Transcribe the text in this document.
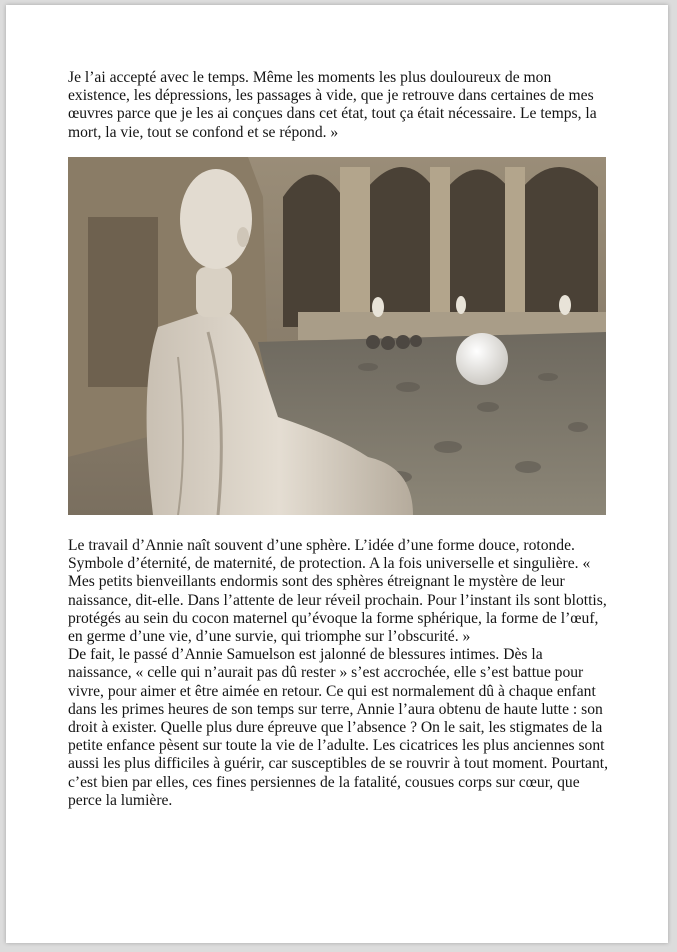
Je l’ai accepté avec le temps. Même les moments les plus douloureux de mon existence, les dépressions, les passages à vide, que je retrouve dans certaines de mes œuvres parce que je les ai conçues dans cet état, tout ça était nécessaire. Le temps, la mort, la vie, tout se confond et se répond. »

Le travail d’Annie naît souvent d’une sphère. L’idée d’une forme douce, rotonde. Symbole d’éternité, de maternité, de protection. A la fois universelle et singulière. « Mes petits bienveillants endormis sont des sphères étreignant le mystère de leur naissance, dit-elle. Dans l’attente de leur réveil prochain. Pour l’instant ils sont blottis, protégés au sein du cocon maternel qu’évoque la forme sphérique, la forme de l’œuf, en germe d’une vie, d’une survie, qui triomphe sur l’obscurité. »

De fait, le passé d’Annie Samuelson est jalonné de blessures intimes. Dès la naissance, « celle qui n’aurait pas dû rester » s’est accrochée, elle s’est battue pour vivre, pour aimer et être aimée en retour. Ce qui est normalement dû à chaque enfant dans les primes heures de son temps sur terre, Annie l’aura obtenu de haute lutte : son droit à exister. Quelle plus dure épreuve que l’absence ? On le sait, les stigmates de la petite enfance pèsent sur toute la vie de l’adulte. Les cicatrices les plus anciennes sont aussi les plus difficiles à guérir, car susceptibles de se rouvrir à tout moment. Pourtant, c’est bien par elles, ces fines persiennes de la fatalité, cousues corps sur cœur, que perce la lumière.
